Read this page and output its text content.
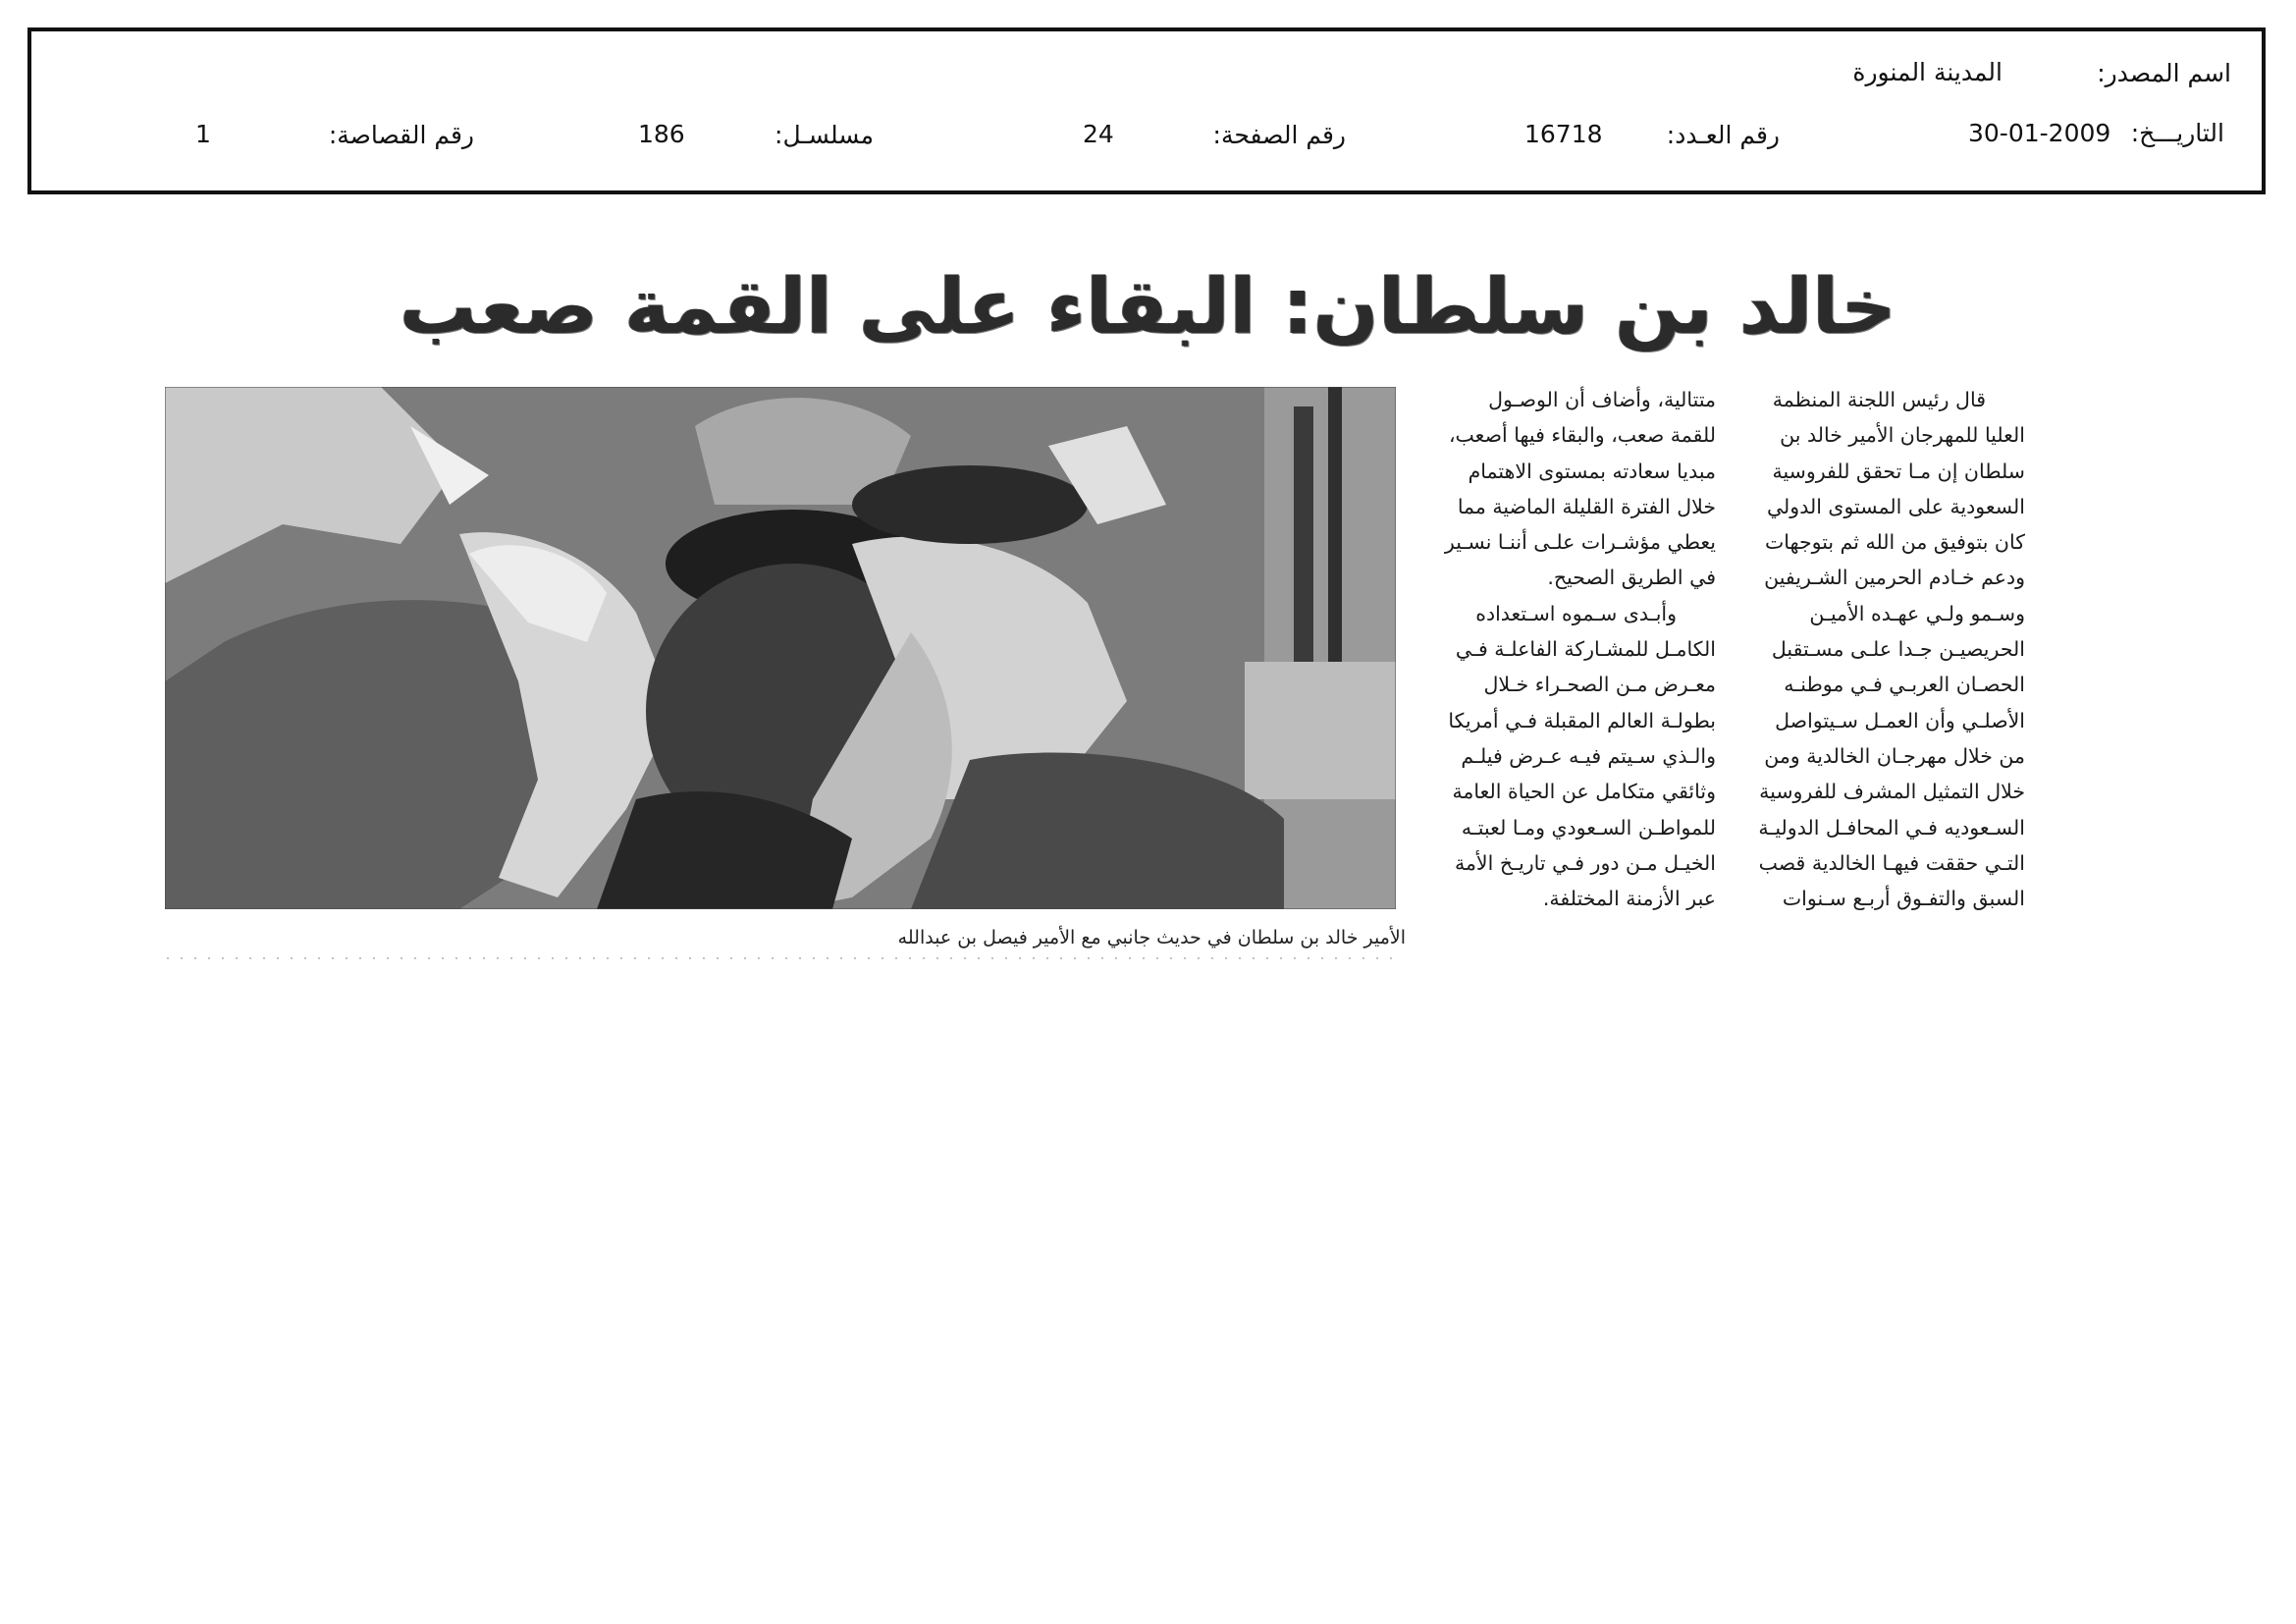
اسم المصدر:
المدينة المنورة
التاريـــخ:
30-01-2009
رقم العـدد:
16718
رقم الصفحة:
24
مسلسـل:
186
رقم القصاصة:
1
خالد بن سلطان: البقاء على القمة صعب

قال رئيس اللجنة المنظمة
العليا للمهرجان الأمير خالد بن
سلطان إن مـا تحقق للفروسية
السعودية على المستوى الدولي
كان بتوفيق من الله ثم بتوجهات
ودعم خـادم الحرمين الشـريفين
وسـمو ولـي عهـده الأميـن
الحريصيـن جـدا علـى مسـتقبل
الحصـان العربـي فـي موطنـه
الأصلـي وأن العمـل سـيتواصل
من خلال مهرجـان الخالدية ومن
خلال التمثيل المشرف للفروسية
السـعوديه فـي المحافـل الدوليـة
التـي حققت فيهـا الخالدية قصب
السبق والتفـوق أربـع سـنوات

متتالية، وأضاف أن الوصـول
للقمة صعب، والبقاء فيها أصعب،
مبديا سعادته بمستوى الاهتمام
خلال الفترة القليلة الماضية مما
يعطي مؤشـرات علـى أننـا نسـير
في الطريق الصحيح.

وأبـدى سـموه اسـتعداده
الكامـل للمشـاركة الفاعلـة فـي
معـرض مـن الصحـراء خـلال
بطولـة العالم المقبلة فـي أمريكا
والـذي سـيتم فيـه عـرض فيلـم
وثائقي متكامل عن الحياة العامة
للمواطـن السـعودي ومـا لعبتـه
الخيـل مـن دور فـي تاريـخ الأمة
عبر الأزمنة المختلفة.

الأمير خالد بن سلطان في حديث جانبي مع الأمير فيصل بن عبدالله
